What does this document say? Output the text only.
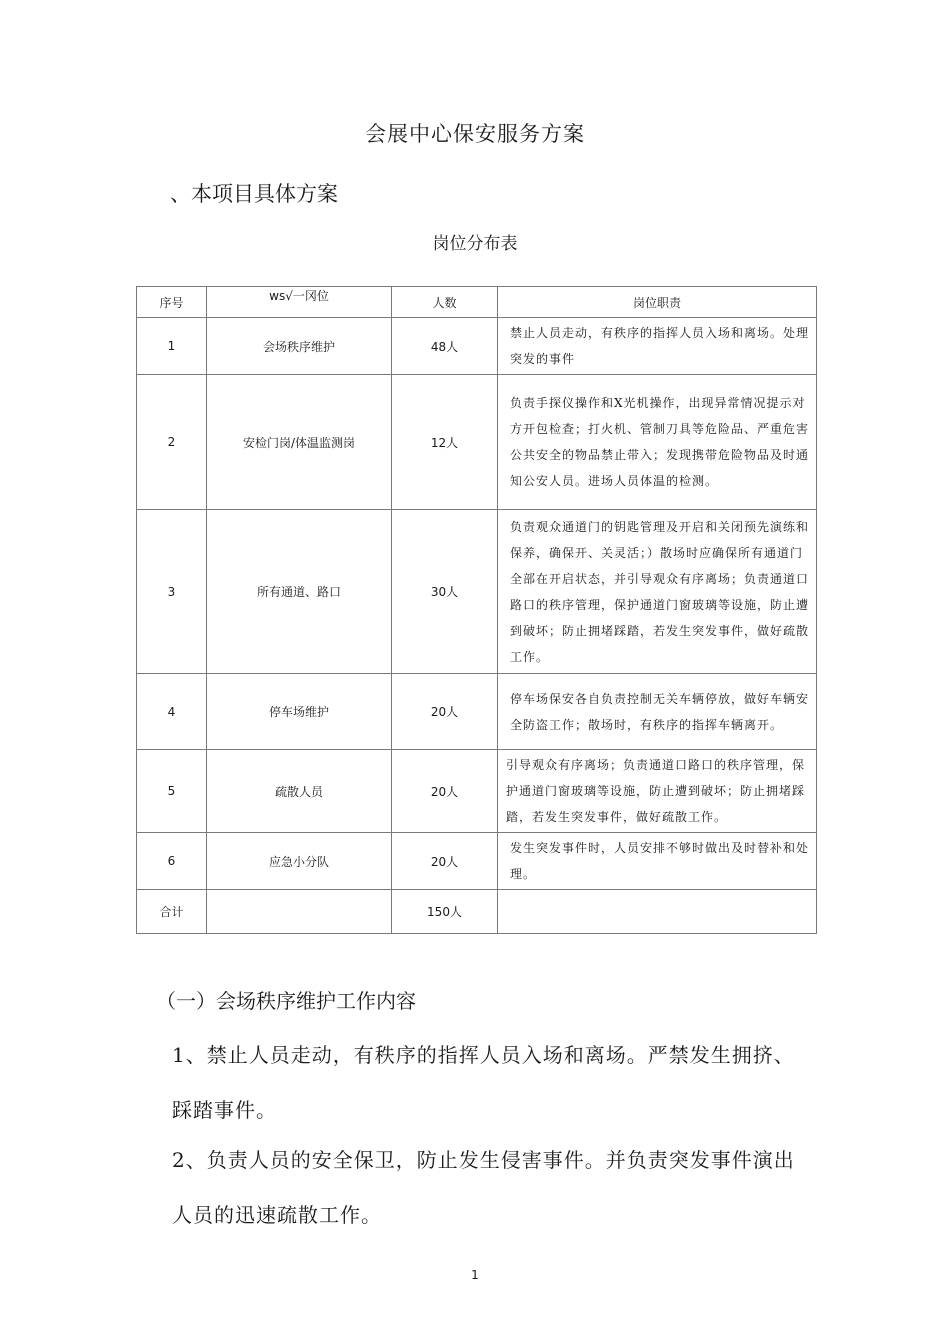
会展中心保安服务方案
、本项目具体方案
岗位分布表
序号	ws√一冈位	人数	岗位职责
1	会场秩序维护	48人	禁止人员走动，有秩序的指挥人员入场和离场。处理突发的事件
2	安检门岗/体温监测岗	12人	负责手探仪操作和X光机操作，出现异常情况提示对方开包检查；打火机、管制刀具等危险品、严重危害公共安全的物品禁止带入；发现携带危险物品及时通知公安人员。进场人员体温的检测。
3	所有通道、路口	30人	负责观众通道门的钥匙管理及开启和关闭预先演练和保养，确保开、关灵活；）散场时应确保所有通道门全部在开启状态，并引导观众有序离场；负责通道口路口的秩序管理，保护通道门窗玻璃等设施，防止遭到破坏；防止拥堵踩踏，若发生突发事件，做好疏散工作。
4	停车场维护	20人	停车场保安各自负责控制无关车辆停放，做好车辆安全防盗工作；散场时，有秩序的指挥车辆离开。
5	疏散人员	20人	引导观众有序离场；负责通道口路口的秩序管理，保护通道门窗玻璃等设施，防止遭到破坏；防止拥堵踩踏，若发生突发事件，做好疏散工作。
6	应急小分队	20人	发生突发事件时，人员安排不够时做出及时替补和处理。
合计		150人	
（一）会场秩序维护工作内容
1、禁止人员走动，有秩序的指挥人员入场和离场。严禁发生拥挤、踩踏事件。
2、负责人员的安全保卫，防止发生侵害事件。并负责突发事件演出人员的迅速疏散工作。
1
